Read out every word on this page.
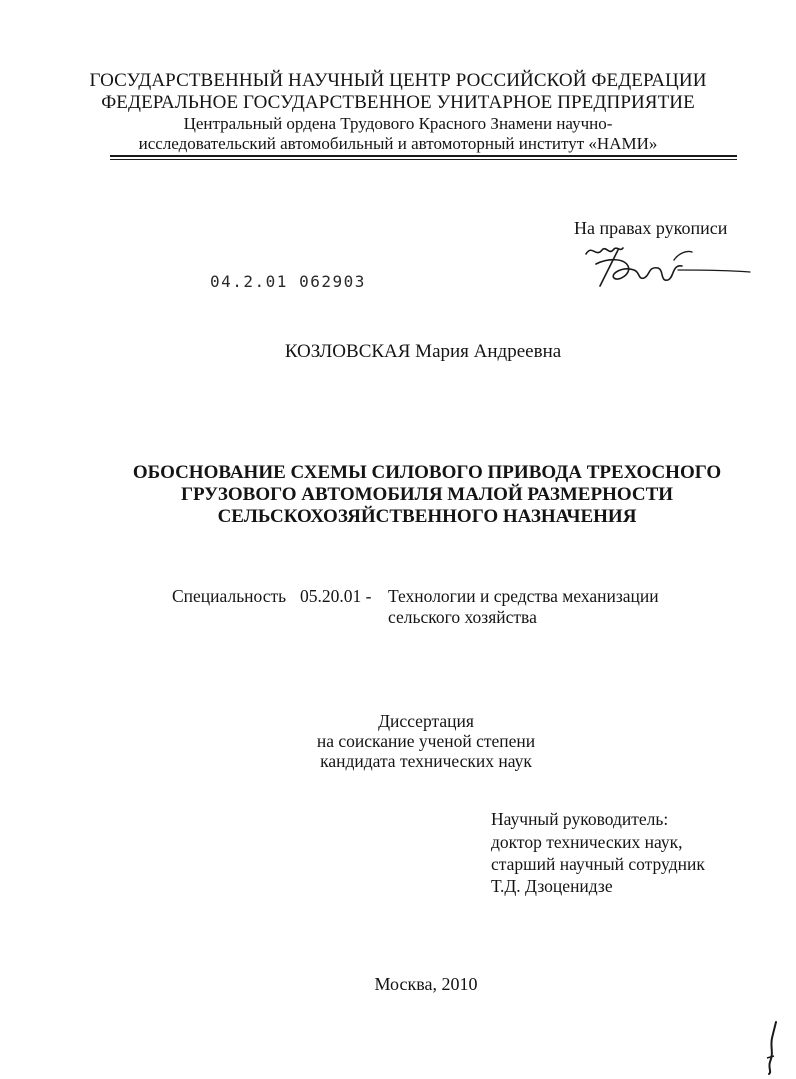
ГОСУДАРСТВЕННЫЙ НАУЧНЫЙ ЦЕНТР РОССИЙСКОЙ ФЕДЕРАЦИИ
ФЕДЕРАЛЬНОЕ ГОСУДАРСТВЕННОЕ УНИТАРНОЕ ПРЕДПРИЯТИЕ
Центральный ордена Трудового Красного Знамени научно-
исследовательский автомобильный и автомоторный институт «НАМИ»
На правах рукописи
04.2.01 062903
КОЗЛОВСКАЯ Мария Андреевна
ОБОСНОВАНИЕ СХЕМЫ СИЛОВОГО ПРИВОДА ТРЕХОСНОГО
ГРУЗОВОГО АВТОМОБИЛЯ МАЛОЙ РАЗМЕРНОСТИ
СЕЛЬСКОХОЗЯЙСТВЕННОГО НАЗНАЧЕНИЯ
Специальность 05.20.01 - Технологии и средства механизации
сельского хозяйства
Диссертация
на соискание ученой степени
кандидата технических наук
Научный руководитель:
доктор технических наук,
старший научный сотрудник
Т.Д. Дзоценидзе
Москва, 2010
